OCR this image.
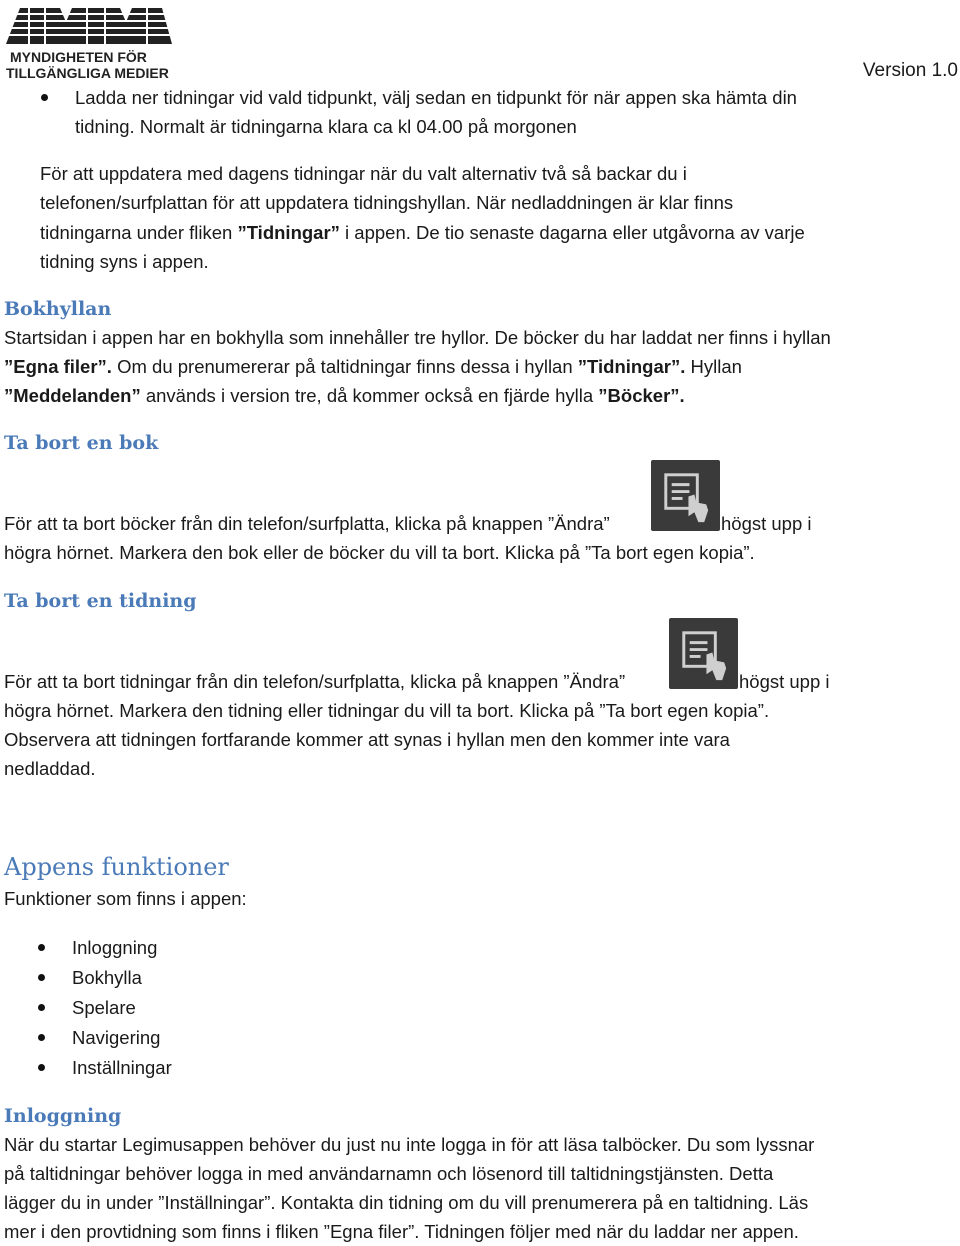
MYNDIGHETEN FÖR
TILLGÄNGLIGA MEDIER	Version 1.0
Ladda ner tidningar vid vald tidpunkt, välj sedan en tidpunkt för när appen ska hämta din
tidning. Normalt är tidningarna klara ca kl 04.00 på morgonen
För att uppdatera med dagens tidningar när du valt alternativ två så backar du i
telefonen/surfplattan för att uppdatera tidningshyllan. När nedladdningen är klar finns
tidningarna under fliken ”Tidningar” i appen. De tio senaste dagarna eller utgåvorna av varje
tidning syns i appen.
Bokhyllan
Startsidan i appen har en bokhylla som innehåller tre hyllor. De böcker du har laddat ner finns i hyllan
”Egna filer”. Om du prenumererar på taltidningar finns dessa i hyllan ”Tidningar”. Hyllan
”Meddelanden” används i version tre, då kommer också en fjärde hylla ”Böcker”.
Ta bort en bok
För att ta bort böcker från din telefon/surfplatta, klicka på knappen ”Ändra”	högst upp i
högra hörnet. Markera den bok eller de böcker du vill ta bort. Klicka på ”Ta bort egen kopia”.
Ta bort en tidning
För att ta bort tidningar från din telefon/surfplatta, klicka på knappen ”Ändra”	högst upp i
högra hörnet. Markera den tidning eller tidningar du vill ta bort. Klicka på ”Ta bort egen kopia”.
Observera att tidningen fortfarande kommer att synas i hyllan men den kommer inte vara
nedladdad.
Appens funktioner
Funktioner som finns i appen:
Inloggning
Bokhylla
Spelare
Navigering
Inställningar
Inloggning
När du startar Legimusappen behöver du just nu inte logga in för att läsa talböcker. Du som lyssnar
på taltidningar behöver logga in med användarnamn och lösenord till taltidningstjänsten. Detta
lägger du in under ”Inställningar”. Kontakta din tidning om du vill prenumerera på en taltidning. Läs
mer i den provtidning som finns i fliken ”Egna filer”. Tidningen följer med när du laddar ner appen.
